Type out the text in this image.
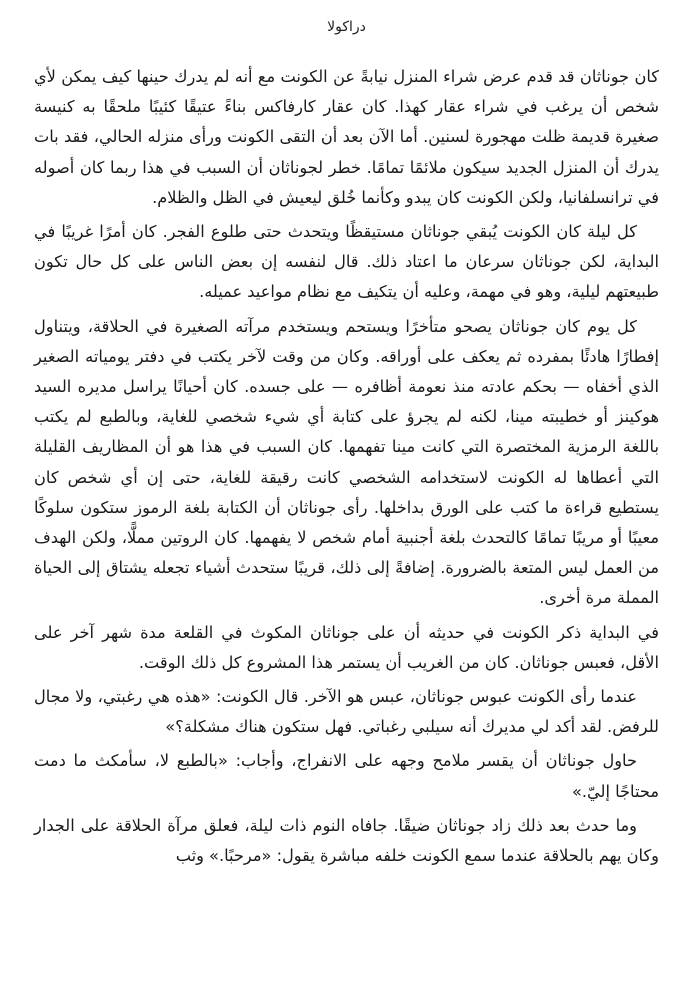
دراكولا

كان جوناثان قد قدم عرض شراء المنزل نيابةً عن الكونت مع أنه لم يدرك حينها كيف يمكن لأي شخص أن يرغب في شراء عقار كهذا. كان عقار كارفاكس بناءً عتيقًا كئيبًا ملحقًا به كنيسة صغيرة قديمة ظلت مهجورة لسنين. أما الآن بعد أن التقى الكونت ورأى منزله الحالي، فقد بات يدرك أن المنزل الجديد سيكون ملائمًا تمامًا. خطر لجوناثان أن السبب في هذا ربما كان أصوله في ترانسلفانيا، ولكن الكونت كان يبدو وكأنما خُلق ليعيش في الظل والظلام.

كل ليلة كان الكونت يُبقي جوناثان مستيقظًا ويتحدث حتى طلوع الفجر. كان أمرًا غريبًا في البداية، لكن جوناثان سرعان ما اعتاد ذلك. قال لنفسه إن بعض الناس على كل حال تكون طبيعتهم ليلية، وهو في مهمة، وعليه أن يتكيف مع نظام مواعيد عميله.

كل يوم كان جوناثان يصحو متأخرًا ويستحم ويستخدم مرآته الصغيرة في الحلاقة، ويتناول إفطارًا هادئًا بمفرده ثم يعكف على أوراقه. وكان من وقت لآخر يكتب في دفتر يومياته الصغير الذي أخفاه — بحكم عادته منذ نعومة أظافره — على جسده. كان أحيانًا يراسل مديره السيد هوكينز أو خطيبته مينا، لكنه لم يجرؤ على كتابة أي شيء شخصي للغاية، وبالطبع لم يكتب باللغة الرمزية المختصرة التي كانت مينا تفهمها. كان السبب في هذا هو أن المظاريف القليلة التي أعطاها له الكونت لاستخدامه الشخصي كانت رقيقة للغاية، حتى إن أي شخص كان يستطيع قراءة ما كتب على الورق بداخلها. رأى جوناثان أن الكتابة بلغة الرموز ستكون سلوكًا معيبًا أو مريبًا تمامًا كالتحدث بلغة أجنبية أمام شخص لا يفهمها. كان الروتين مملًّا، ولكن الهدف من العمل ليس المتعة بالضرورة. إضافةً إلى ذلك، قريبًا ستحدث أشياء تجعله يشتاق إلى الحياة المملة مرة أخرى.

في البداية ذكر الكونت في حديثه أن على جوناثان المكوث في القلعة مدة شهر آخر على الأقل، فعبس جوناثان. كان من الغريب أن يستمر هذا المشروع كل ذلك الوقت.

عندما رأى الكونت عبوس جوناثان، عبس هو الآخر. قال الكونت: «هذه هي رغبتي، ولا مجال للرفض. لقد أكد لي مديرك أنه سيلبي رغباتي. فهل ستكون هناك مشكلة؟»

حاول جوناثان أن يقسر ملامح وجهه على الانفراج، وأجاب: «بالطبع لا، سأمكث ما دمت محتاجًا إليّ.»

وما حدث بعد ذلك زاد جوناثان ضيقًا. جافاه النوم ذات ليلة، فعلق مرآة الحلاقة على الجدار وكان يهم بالحلاقة عندما سمع الكونت خلفه مباشرة يقول: «مرحبًا.» وثب
